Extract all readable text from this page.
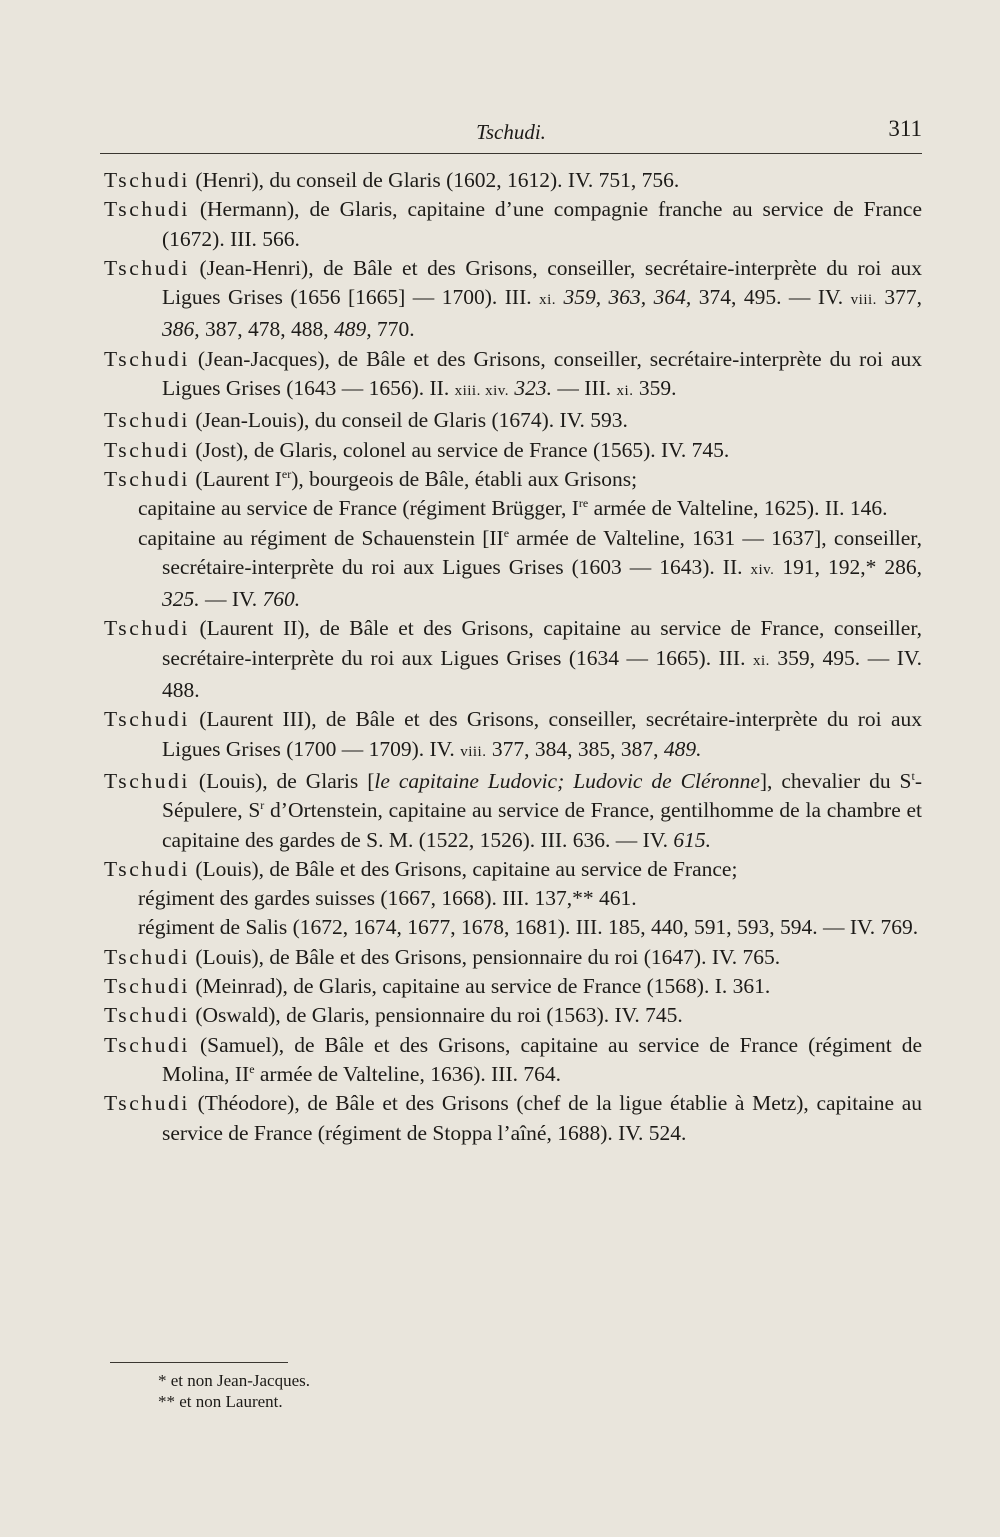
Tschudi.	311
Tschudi (Henri), du conseil de Glaris (1602, 1612). IV. 751, 756.
Tschudi (Hermann), de Glaris, capitaine d’une compagnie franche au service de France (1672). III. 566.
Tschudi (Jean-Henri), de Bâle et des Grisons, conseiller, secrétaire-interprète du roi aux Ligues Grises (1656 [1665] — 1700). III. xi. 359, 363, 364, 374, 495. — IV. viii. 377, 386, 387, 478, 488, 489, 770.
Tschudi (Jean-Jacques), de Bâle et des Grisons, conseiller, secrétaire-interprète du roi aux Ligues Grises (1643 — 1656). II. xiii. xiv. 323. — III. xi. 359.
Tschudi (Jean-Louis), du conseil de Glaris (1674). IV. 593.
Tschudi (Jost), de Glaris, colonel au service de France (1565). IV. 745.
Tschudi (Laurent Ier), bourgeois de Bâle, établi aux Grisons;
capitaine au service de France (régiment Brügger, Ire armée de Valteline, 1625). II. 146.
capitaine au régiment de Schauenstein [IIe armée de Valteline, 1631 — 1637], conseiller, secrétaire-interprète du roi aux Ligues Grises (1603 — 1643). II. xiv. 191, 192,* 286, 325. — IV. 760.
Tschudi (Laurent II), de Bâle et des Grisons, capitaine au service de France, conseiller, secrétaire-interprète du roi aux Ligues Grises (1634 — 1665). III. xi. 359, 495. — IV. 488.
Tschudi (Laurent III), de Bâle et des Grisons, conseiller, secrétaire-interprète du roi aux Ligues Grises (1700 — 1709). IV. viii. 377, 384, 385, 387, 489.
Tschudi (Louis), de Glaris [le capitaine Ludovic; Ludovic de Cléronne], chevalier du $S^t$-Sépulere, $S^r$ d’Ortenstein, capitaine au service de France, gentilhomme de la chambre et capitaine des gardes de S. M. (1522, 1526). III. 636. — IV. 615.
Tschudi (Louis), de Bâle et des Grisons, capitaine au service de France;
régiment des gardes suisses (1667, 1668). III. 137,** 461.
régiment de Salis (1672, 1674, 1677, 1678, 1681). III. 185, 440, 591, 593, 594. — IV. 769.
Tschudi (Louis), de Bâle et des Grisons, pensionnaire du roi (1647). IV. 765.
Tschudi (Meinrad), de Glaris, capitaine au service de France (1568). I. 361.
Tschudi (Oswald), de Glaris, pensionnaire du roi (1563). IV. 745.
Tschudi (Samuel), de Bâle et des Grisons, capitaine au service de France (régiment de Molina, IIe armée de Valteline, 1636). III. 764.
Tschudi (Théodore), de Bâle et des Grisons (chef de la ligue établie à Metz), capitaine au service de France (régiment de Stoppa l’aîné, 1688). IV. 524.
* et non Jean-Jacques.
** et non Laurent.
